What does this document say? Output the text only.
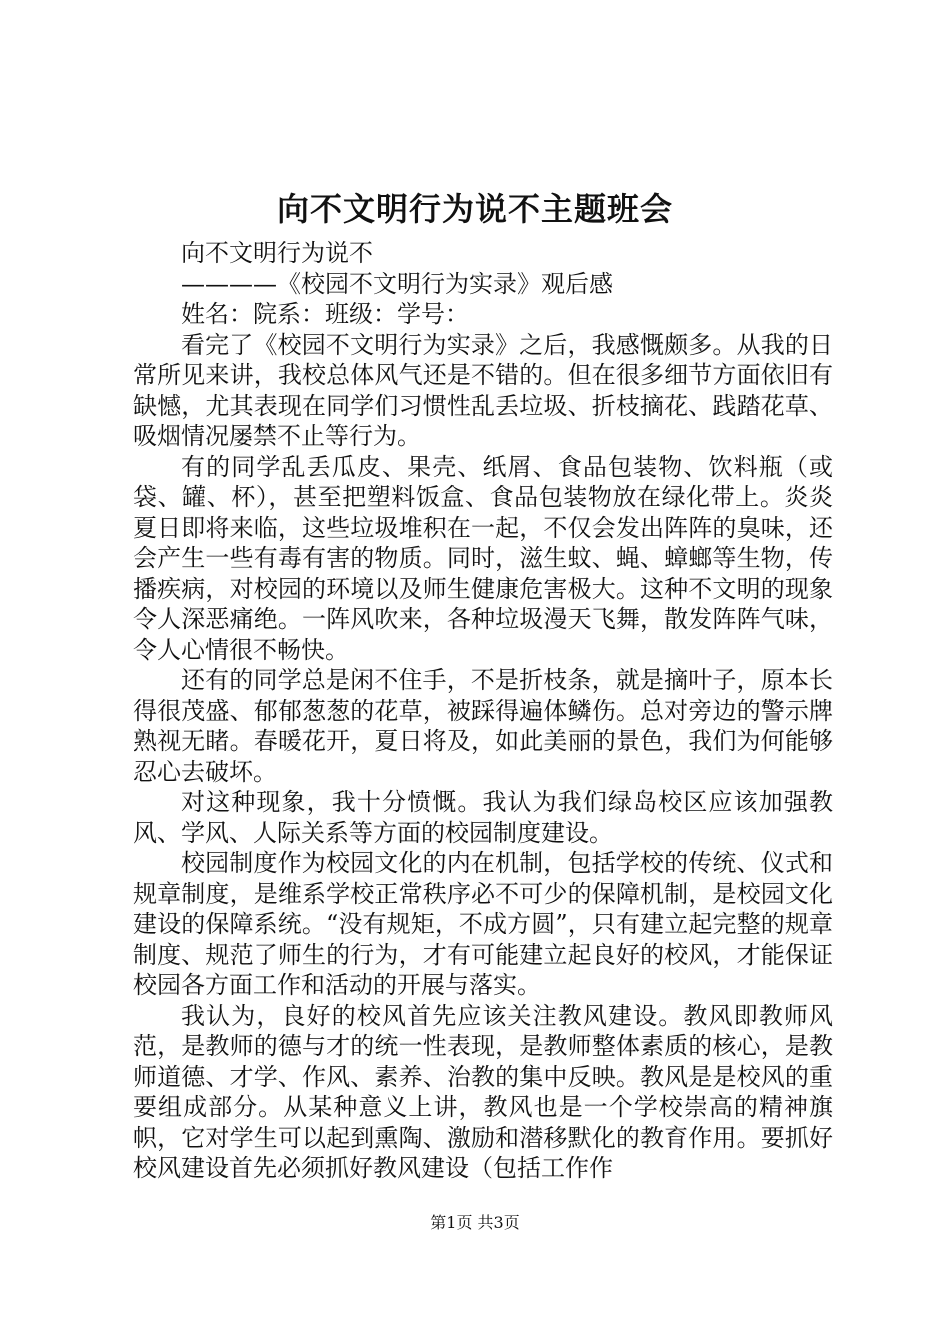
向不文明行为说不主题班会

向不文明行为说不

————《校园不文明行为实录》观后感

姓名：院系：班级：学号：

看完了《校园不文明行为实录》之后，我感慨颇多。从我的日常所见来讲，我校总体风气还是不错的。但在很多细节方面依旧有缺憾，尤其表现在同学们习惯性乱丢垃圾、折枝摘花、践踏花草、吸烟情况屡禁不止等行为。

有的同学乱丢瓜皮、果壳、纸屑、食品包装物、饮料瓶（或袋、罐、杯），甚至把塑料饭盒、食品包装物放在绿化带上。炎炎夏日即将来临，这些垃圾堆积在一起，不仅会发出阵阵的臭味，还会产生一些有毒有害的物质。同时，滋生蚊、蝇、蟑螂等生物，传播疾病，对校园的环境以及师生健康危害极大。这种不文明的现象令人深恶痛绝。一阵风吹来，各种垃圾漫天飞舞，散发阵阵气味，令人心情很不畅快。

还有的同学总是闲不住手，不是折枝条，就是摘叶子，原本长得很茂盛、郁郁葱葱的花草，被踩得遍体鳞伤。总对旁边的警示牌熟视无睹。春暖花开，夏日将及，如此美丽的景色，我们为何能够忍心去破坏。

对这种现象，我十分愤慨。我认为我们绿岛校区应该加强教风、学风、人际关系等方面的校园制度建设。

校园制度作为校园文化的内在机制，包括学校的传统、仪式和规章制度，是维系学校正常秩序必不可少的保障机制，是校园文化建设的保障系统。“没有规矩，不成方圆”，只有建立起完整的规章制度、规范了师生的行为，才有可能建立起良好的校风，才能保证校园各方面工作和活动的开展与落实。

我认为，良好的校风首先应该关注教风建设。教风即教师风范，是教师的德与才的统一性表现，是教师整体素质的核心，是教师道德、才学、作风、素养、治教的集中反映。教风是是校风的重要组成部分。从某种意义上讲，教风也是一个学校崇高的精神旗帜，它对学生可以起到熏陶、激励和潜移默化的教育作用。要抓好校风建设首先必须抓好教风建设（包括工作作

第1页 共3页
